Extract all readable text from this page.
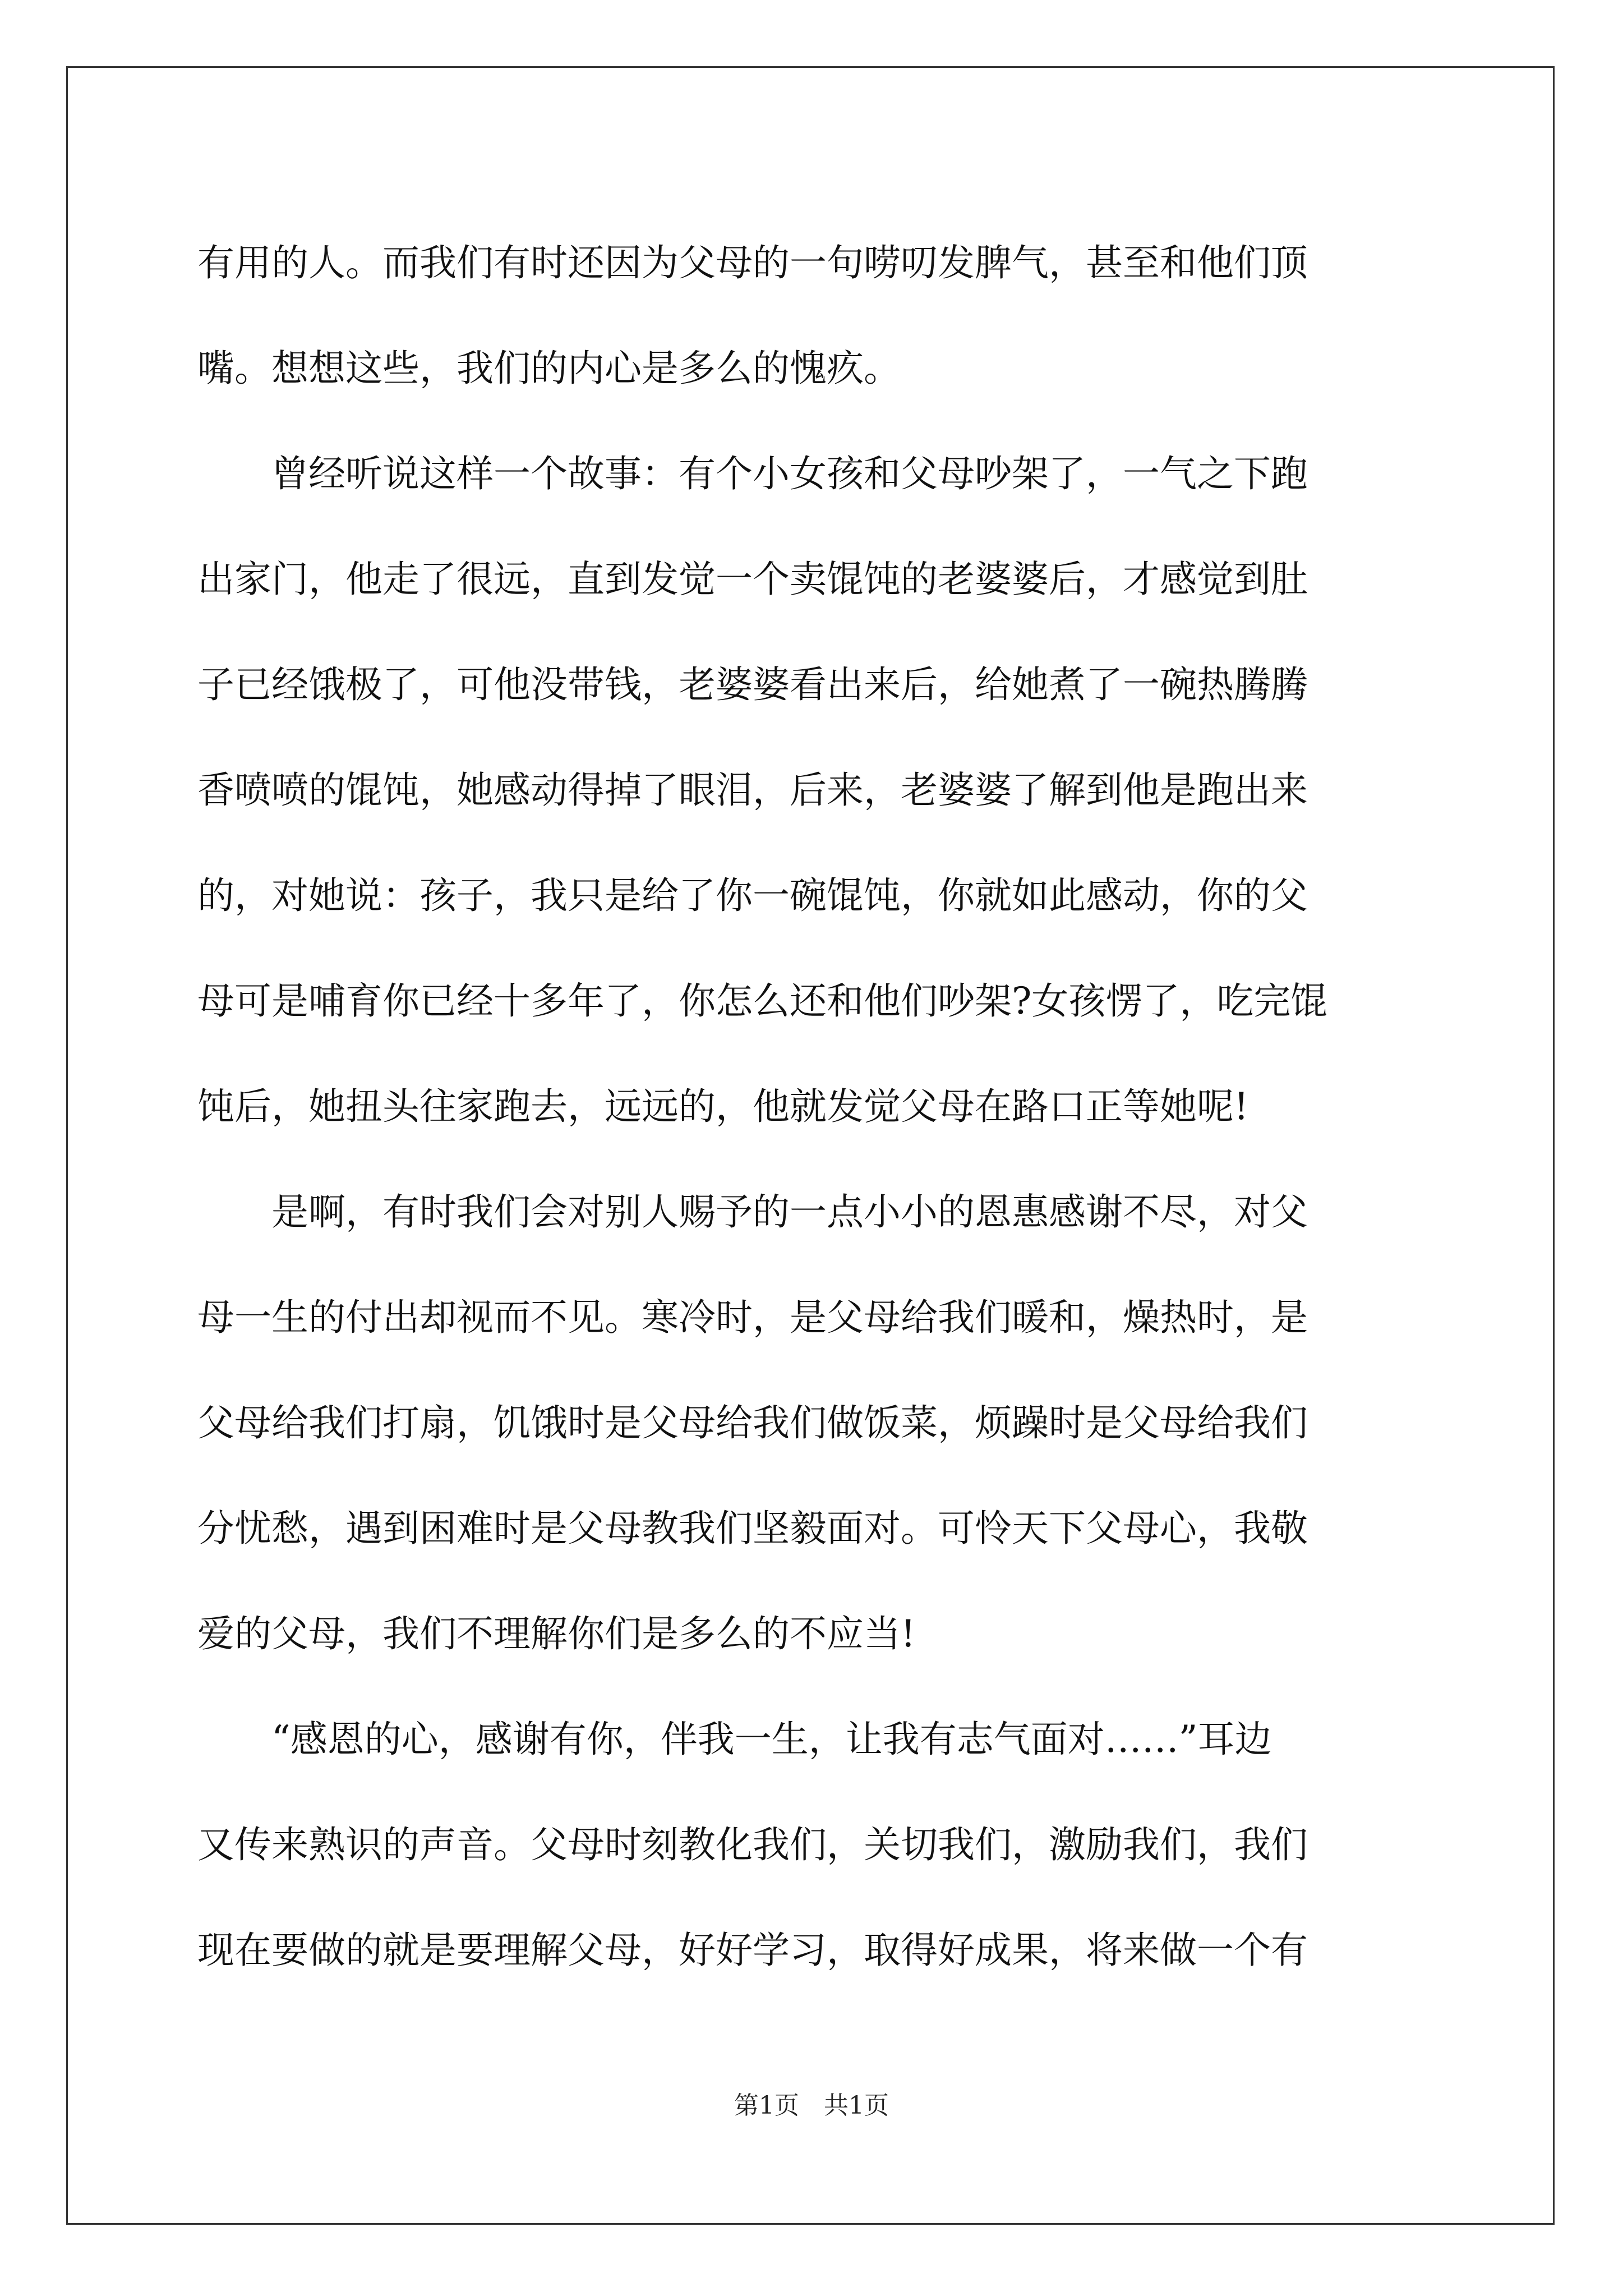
有用的人。而我们有时还因为父母的一句唠叨发脾气，甚至和他们顶
嘴。想想这些，我们的内心是多么的愧疚。
曾经听说这样一个故事：有个小女孩和父母吵架了，一气之下跑
出家门，他走了很远，直到发觉一个卖馄饨的老婆婆后，才感觉到肚
子已经饿极了，可他没带钱，老婆婆看出来后，给她煮了一碗热腾腾
香喷喷的馄饨，她感动得掉了眼泪，后来，老婆婆了解到他是跑出来
的，对她说：孩子，我只是给了你一碗馄饨，你就如此感动，你的父
母可是哺育你已经十多年了，你怎么还和他们吵架?女孩愣了，吃完馄
饨后，她扭头往家跑去，远远的，他就发觉父母在路口正等她呢!
是啊，有时我们会对别人赐予的一点小小的恩惠感谢不尽，对父
母一生的付出却视而不见。寒冷时，是父母给我们暖和，燥热时，是
父母给我们打扇，饥饿时是父母给我们做饭菜，烦躁时是父母给我们
分忧愁，遇到困难时是父母教我们坚毅面对。可怜天下父母心，我敬
爱的父母，我们不理解你们是多么的不应当!
“感恩的心，感谢有你，伴我一生，让我有志气面对……”耳边
又传来熟识的声音。父母时刻教化我们，关切我们，激励我们，我们
现在要做的就是要理解父母，好好学习，取得好成果，将来做一个有
第1页　共1页
